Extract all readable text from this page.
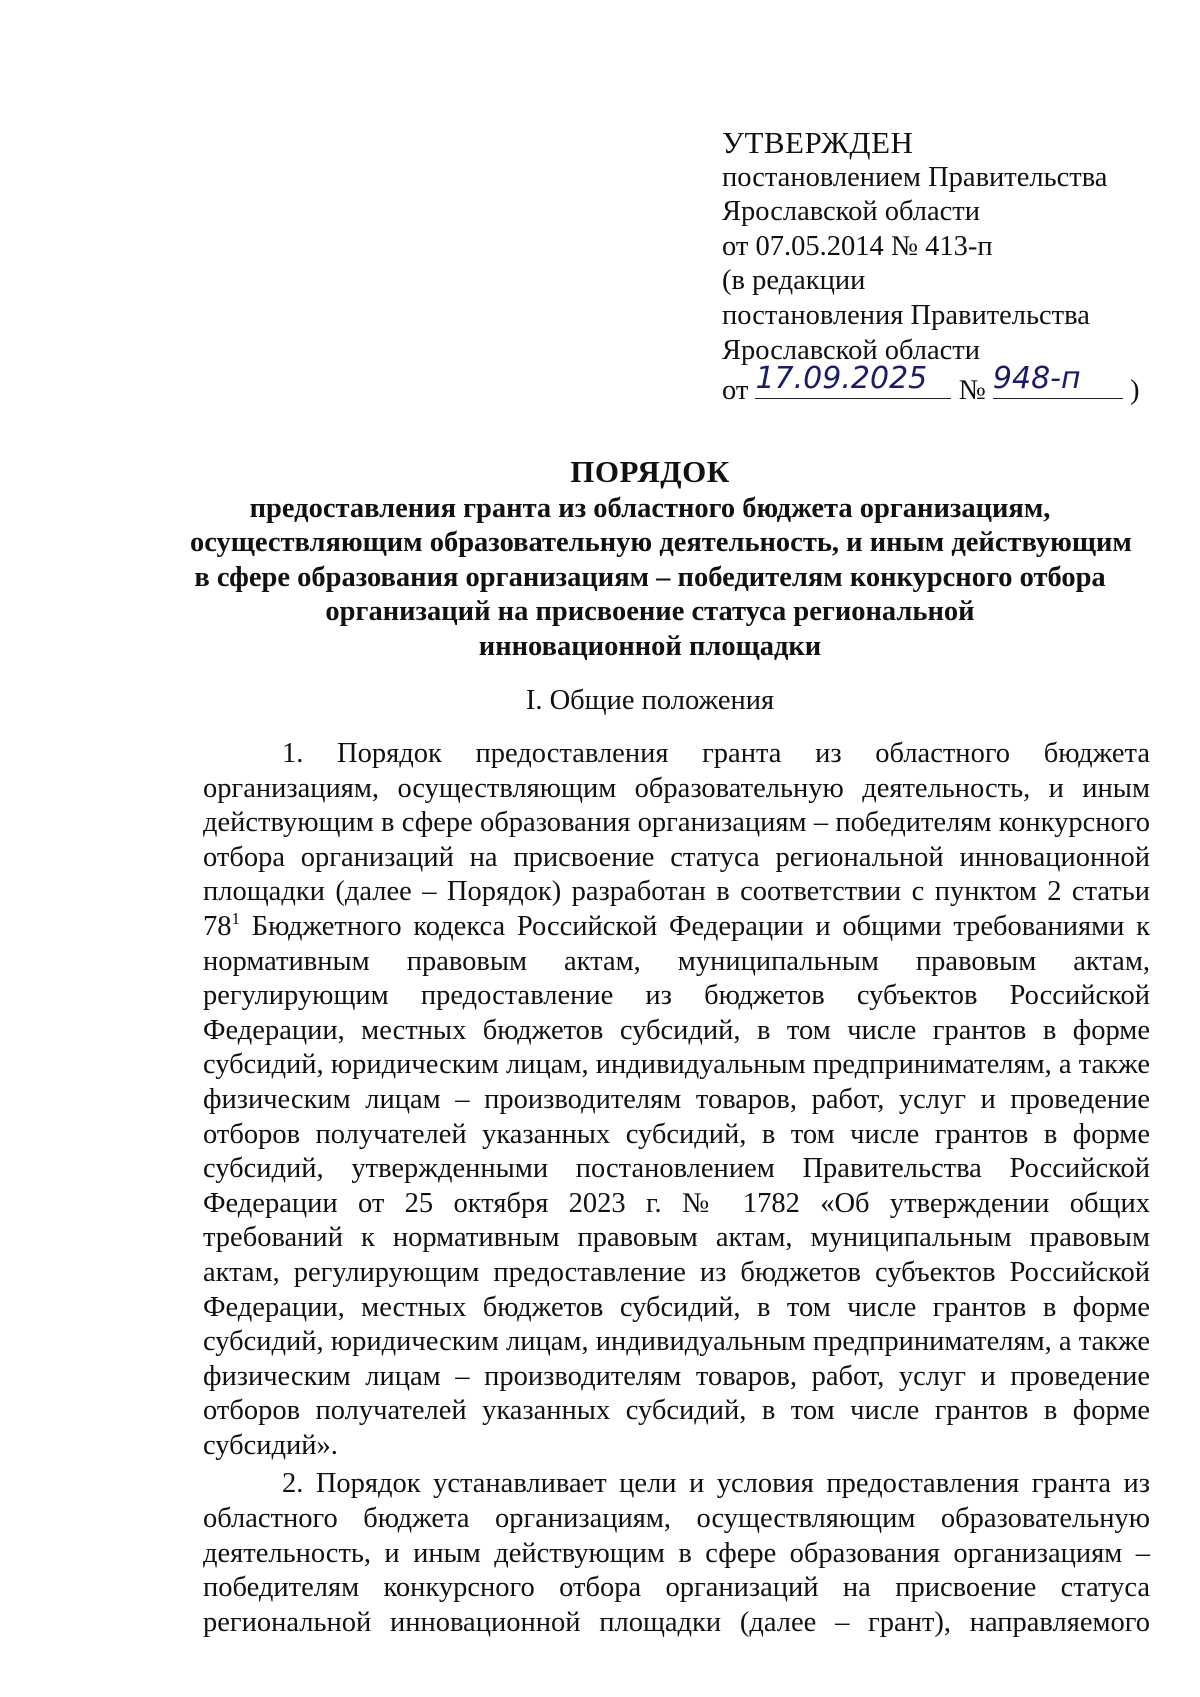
УТВЕРЖДЕН
постановлением Правительства
Ярославской области
от 07.05.2014 № 413-п
(в редакции
постановления Правительства
Ярославской области
от 17.09.2025 № 948-п )
ПОРЯДОК
предоставления гранта из областного бюджета организациям,
осуществляющим образовательную деятельность, и иным действующим
в сфере образования организациям – победителям конкурсного отбора
организаций на присвоение статуса региональной
инновационной площадки
I. Общие положения

1. Порядок предоставления гранта из областного бюджета организациям, осуществляющим образовательную деятельность, и иным действующим в сфере образования организациям – победителям конкурсного отбора организаций на присвоение статуса региональной инновационной площадки (далее – Порядок) разработан в соответствии с пунктом 2 статьи $78^1$ Бюджетного кодекса Российской Федерации и общими требованиями к нормативным правовым актам, муниципальным правовым актам, регулирующим предоставление из бюджетов субъектов Российской Федерации, местных бюджетов субсидий, в том числе грантов в форме субсидий, юридическим лицам, индивидуальным предпринимателям, а также физическим лицам – производителям товаров, работ, услуг и проведение отборов получателей указанных субсидий, в том числе грантов в форме субсидий, утвержденными постановлением Правительства Российской Федерации от 25 октября 2023 г. № 1782 «Об утверждении общих требований к нормативным правовым актам, муниципальным правовым актам, регулирующим предоставление из бюджетов субъектов Российской Федерации, местных бюджетов субсидий, в том числе грантов в форме субсидий, юридическим лицам, индивидуальным предпринимателям, а также физическим лицам – производителям товаров, работ, услуг и проведение отборов получателей указанных субсидий, в том числе грантов в форме субсидий».

2. Порядок устанавливает цели и условия предоставления гранта из областного бюджета организациям, осуществляющим образовательную деятельность, и иным действующим в сфере образования организациям – победителям конкурсного отбора организаций на присвоение статуса региональной инновационной площадки (далее – грант), направляемого
